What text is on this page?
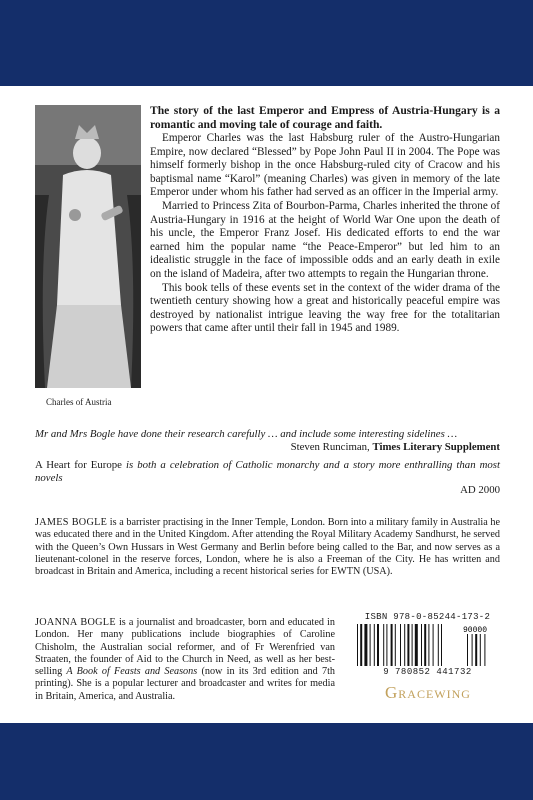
Charles of Austria

The story of the last Emperor and Empress of Austria-Hungary is a romantic and moving tale of courage and faith.

Emperor Charles was the last Habsburg ruler of the Austro-Hungarian Empire, now declared “Blessed” by Pope John Paul II in 2004. The Pope was himself formerly bishop in the once Habsburg-ruled city of Cracow and his baptismal name “Karol” (meaning Charles) was given in memory of the late Emperor under whom his father had served as an officer in the Imperial army.

Married to Princess Zita of Bourbon-Parma, Charles inherited the throne of Austria-Hungary in 1916 at the height of World War One upon the death of his uncle, the Emperor Franz Josef. His dedicated efforts to end the war earned him the popular name “the Peace-Emperor” but led him to an idealistic struggle in the face of impossible odds and an early death in exile on the island of Madeira, after two attempts to regain the Hungarian throne.

This book tells of these events set in the context of the wider drama of the twentieth century showing how a great and historically peaceful empire was destroyed by nationalist intrigue leaving the way free for the totalitarian powers that came after until their fall in 1945 and 1989.

Mr and Mrs Bogle have done their research carefully … and include some interesting sidelines …
Steven Runciman, Times Literary Supplement
A Heart for Europe is both a celebration of Catholic monarchy and a story more enthralling than most novels
AD 2000
JAMES BOGLE is a barrister practising in the Inner Temple, London. Born into a military family in Australia he was educated there and in the United Kingdom. After attending the Royal Military Academy Sandhurst, he served with the Queen’s Own Hussars in West Germany and Berlin before being called to the Bar, and now serves as a lieutenant-colonel in the reserve forces, London, where he is also a Freeman of the City. He has written and broadcast in Britain and America, including a recent historical series for EWTN (USA).
JOANNA BOGLE is a journalist and broadcaster, born and educated in London. Her many publications include biographies of Caroline Chisholm, the Australian social reformer, and of Fr Werenfried van Straaten, the founder of Aid to the Church in Need, as well as her best-selling A Book of Feasts and Seasons (now in its 3rd edition and 7th printing). She is a popular lecturer and broadcaster and writes for media in Britain, America, and Australia.
ISBN 978-0-85244-173-2
90000
9 780852 441732
Gracewing
